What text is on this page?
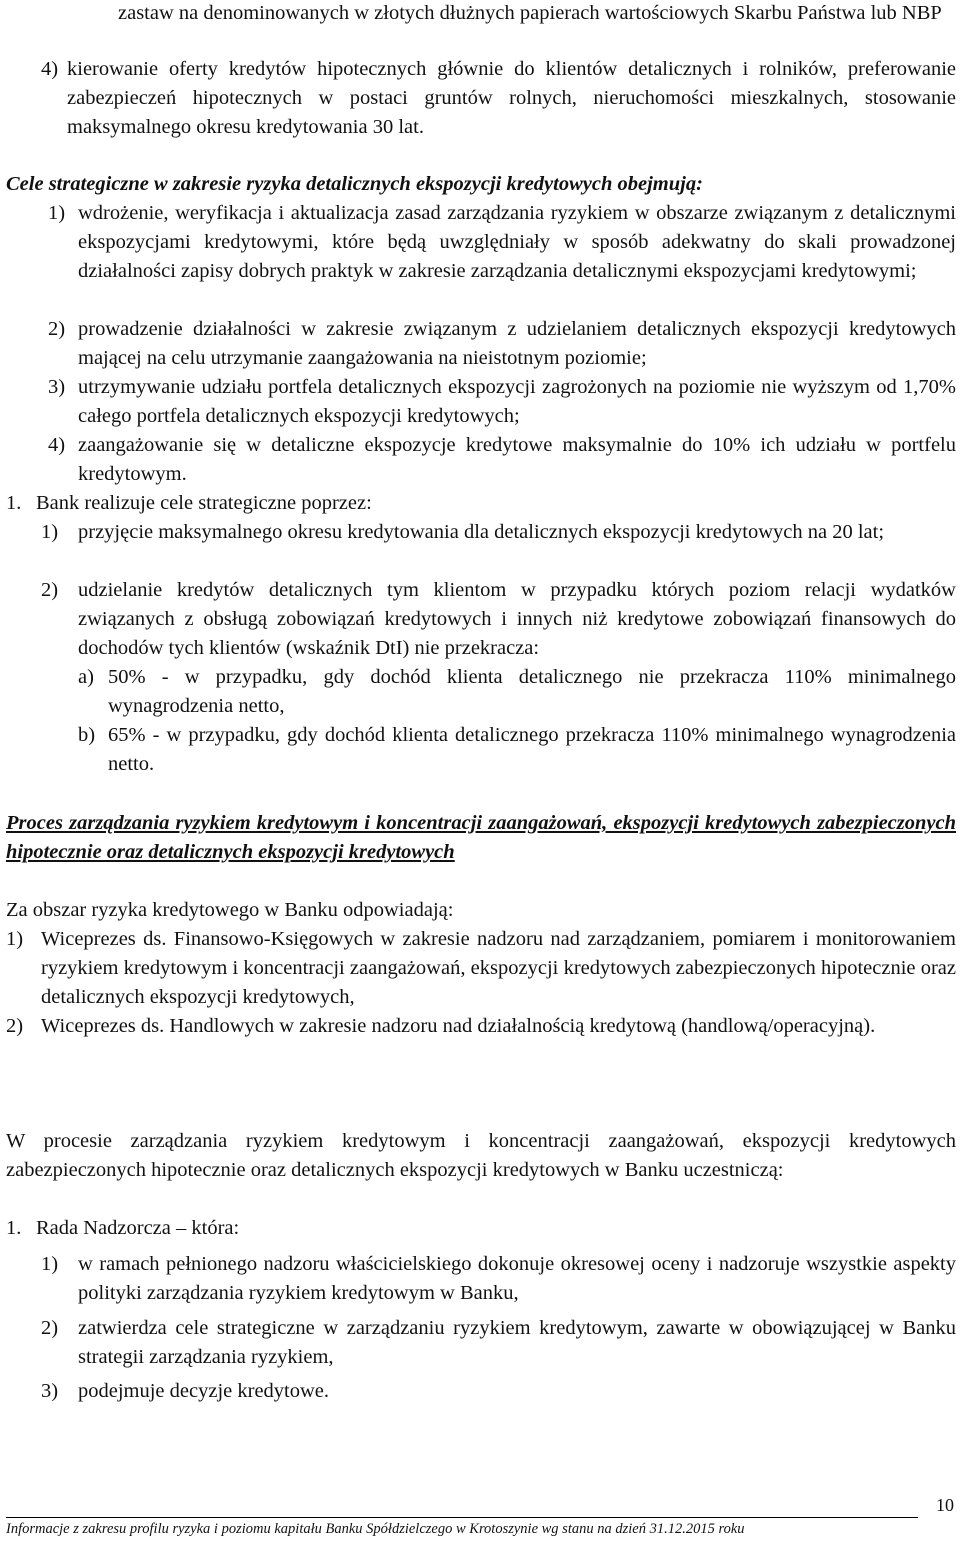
zastaw na denominowanych w złotych dłużnych papierach wartościowych Skarbu Państwa lub NBP

4) kierowanie oferty kredytów hipotecznych głównie do klientów detalicznych i rolników, preferowanie zabezpieczeń hipotecznych w postaci gruntów rolnych, nieruchomości mieszkalnych, stosowanie maksymalnego okresu kredytowania 30 lat.

Cele strategiczne w zakresie ryzyka detalicznych ekspozycji kredytowych obejmują:

1) wdrożenie, weryfikacja i aktualizacja zasad zarządzania ryzykiem w obszarze związanym z detalicznymi ekspozycjami kredytowymi, które będą uwzględniały w sposób adekwatny do skali prowadzonej działalności zapisy dobrych praktyk w zakresie zarządzania detalicznymi ekspozycjami kredytowymi;

2) prowadzenie działalności w zakresie związanym z udzielaniem detalicznych ekspozycji kredytowych mającej na celu utrzymanie zaangażowania na nieistotnym poziomie;

3) utrzymywanie udziału portfela detalicznych ekspozycji zagrożonych na poziomie nie wyższym od 1,70% całego portfela detalicznych ekspozycji kredytowych;

4) zaangażowanie się w detaliczne ekspozycje kredytowe maksymalnie do 10% ich udziału w portfelu kredytowym.

1. Bank realizuje cele strategiczne poprzez:

1) przyjęcie maksymalnego okresu kredytowania dla detalicznych ekspozycji kredytowych na 20 lat;

2) udzielanie kredytów detalicznych tym klientom w przypadku których poziom relacji wydatków związanych z obsługą zobowiązań kredytowych i innych niż kredytowe zobowiązań finansowych do dochodów tych klientów (wskaźnik DtI) nie przekracza:

a) 50% - w przypadku, gdy dochód klienta detalicznego nie przekracza 110% minimalnego wynagrodzenia netto,

b) 65% - w przypadku, gdy dochód klienta detalicznego przekracza 110% minimalnego wynagrodzenia netto.

Proces zarządzania ryzykiem kredytowym i koncentracji zaangażowań, ekspozycji kredytowych zabezpieczonych hipotecznie oraz detalicznych ekspozycji kredytowych

Za obszar ryzyka kredytowego w Banku odpowiadają:

1) Wiceprezes ds. Finansowo-Księgowych w zakresie nadzoru nad zarządzaniem, pomiarem i monitorowaniem ryzykiem kredytowym i koncentracji zaangażowań, ekspozycji kredytowych zabezpieczonych hipotecznie oraz detalicznych ekspozycji kredytowych,

2) Wiceprezes ds. Handlowych w zakresie nadzoru nad działalnością kredytową (handlową/operacyjną).

W procesie zarządzania ryzykiem kredytowym i koncentracji zaangażowań, ekspozycji kredytowych zabezpieczonych hipotecznie oraz detalicznych ekspozycji kredytowych w Banku uczestniczą:

1. Rada Nadzorcza – która:

1) w ramach pełnionego nadzoru właścicielskiego dokonuje okresowej oceny i nadzoruje wszystkie aspekty polityki zarządzania ryzykiem kredytowym w Banku,

2) zatwierdza cele strategiczne w zarządzaniu ryzykiem kredytowym, zawarte w obowiązującej w Banku strategii zarządzania ryzykiem,

3) podejmuje decyzje kredytowe.

10
Informacje z zakresu profilu ryzyka i poziomu kapitału Banku Spółdzielczego w Krotoszynie wg stanu na dzień 31.12.2015 roku
